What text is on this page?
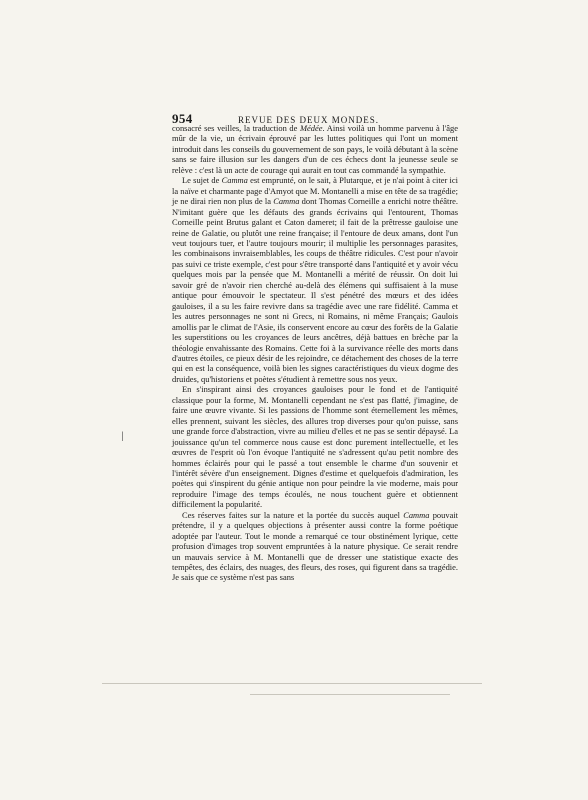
954	REVUE DES DEUX MONDES.

consacré ses veilles, la traduction de Médée. Ainsi voilà un homme parvenu à l'âge mûr de la vie, un écrivain éprouvé par les luttes politiques qui l'ont un moment introduit dans les conseils du gouvernement de son pays, le voilà débutant à la scène sans se faire illusion sur les dangers d'un de ces échecs dont la jeunesse seule se relève : c'est là un acte de courage qui aurait en tout cas commandé la sympathie.

Le sujet de Camma est emprunté, on le sait, à Plutarque, et je n'ai point à citer ici la naïve et charmante page d'Amyot que M. Montanelli a mise en tête de sa tragédie; je ne dirai rien non plus de la Camma dont Thomas Corneille a enrichi notre théâtre. N'imitant guère que les défauts des grands écrivains qui l'entourent, Thomas Corneille peint Brutus galant et Caton dameret; il fait de la prêtresse gauloise une reine de Galatie, ou plutôt une reine française; il l'entoure de deux amans, dont l'un veut toujours tuer, et l'autre toujours mourir; il multiplie les personnages parasites, les combinaisons invraisemblables, les coups de théâtre ridicules. C'est pour n'avoir pas suivi ce triste exemple, c'est pour s'être transporté dans l'antiquité et y avoir vécu quelques mois par la pensée que M. Montanelli a mérité de réussir. On doit lui savoir gré de n'avoir rien cherché au-delà des élémens qui suffisaient à la muse antique pour émouvoir le spectateur. Il s'est pénétré des mœurs et des idées gauloises, il a su les faire revivre dans sa tragédie avec une rare fidélité. Camma et les autres personnages ne sont ni Grecs, ni Romains, ni même Français; Gaulois amollis par le climat de l'Asie, ils conservent encore au cœur des forêts de la Galatie les superstitions ou les croyances de leurs ancêtres, déjà battues en brèche par la théologie envahissante des Romains. Cette foi à la survivance réelle des morts dans d'autres étoiles, ce pieux désir de les rejoindre, ce détachement des choses de la terre qui en est la conséquence, voilà bien les signes caractéristiques du vieux dogme des druides, qu'historiens et poètes s'étudient à remettre sous nos yeux.

En s'inspirant ainsi des croyances gauloises pour le fond et de l'antiquité classique pour la forme, M. Montanelli cependant ne s'est pas flatté, j'imagine, de faire une œuvre vivante. Si les passions de l'homme sont éternellement les mêmes, elles prennent, suivant les siècles, des allures trop diverses pour qu'on puisse, sans une grande force d'abstraction, vivre au milieu d'elles et ne pas se sentir dépaysé. La jouissance qu'un tel commerce nous cause est donc purement intellectuelle, et les œuvres de l'esprit où l'on évoque l'antiquité ne s'adressent qu'au petit nombre des hommes éclairés pour qui le passé a tout ensemble le charme d'un souvenir et l'intérêt sévère d'un enseignement. Dignes d'estime et quelquefois d'admiration, les poètes qui s'inspirent du génie antique non pour peindre la vie moderne, mais pour reproduire l'image des temps écoulés, ne nous touchent guère et obtiennent difficilement la popularité.

Ces réserves faites sur la nature et la portée du succès auquel Camma pouvait prétendre, il y a quelques objections à présenter aussi contre la forme poétique adoptée par l'auteur. Tout le monde a remarqué ce tour obstinément lyrique, cette profusion d'images trop souvent empruntées à la nature physique. Ce serait rendre un mauvais service à M. Montanelli que de dresser une statistique exacte des tempêtes, des éclairs, des nuages, des fleurs, des roses, qui figurent dans sa tragédie. Je sais que ce système n'est pas sans

ǀ
